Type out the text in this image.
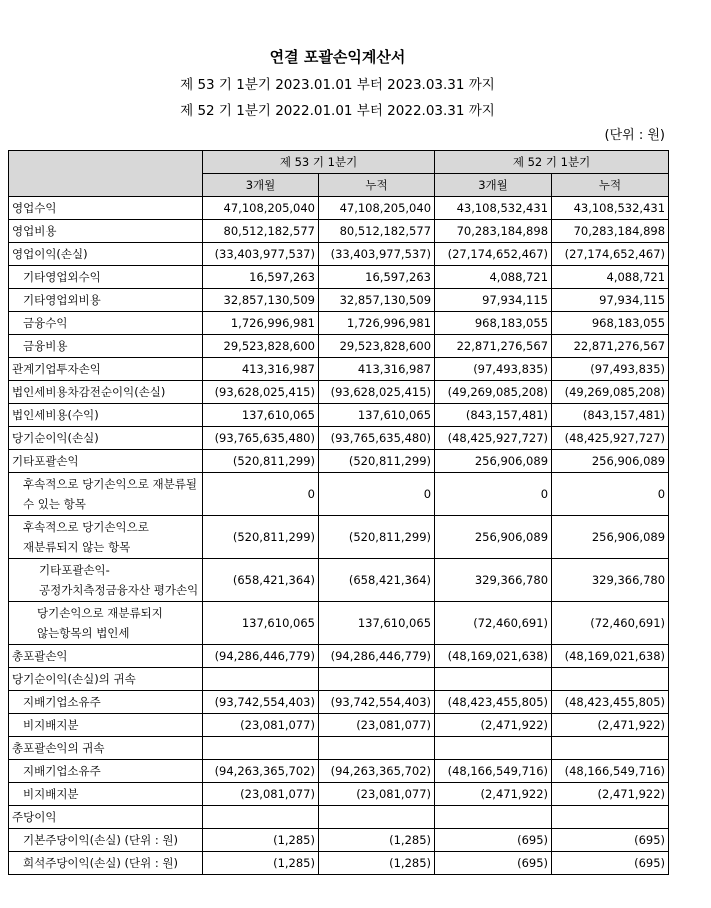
연결 포괄손익계산서
제 53 기 1분기 2023.01.01 부터 2023.03.31 까지
제 52 기 1분기 2022.01.01 부터 2022.03.31 까지
(단위 : 원)
	제 53 기 1분기		제 52 기 1분기	
	3개월	누적	3개월	누적
영업수익	47,108,205,040	47,108,205,040	43,108,532,431	43,108,532,431
영업비용	80,512,182,577	80,512,182,577	70,283,184,898	70,283,184,898
영업이익(손실)	(33,403,977,537)	(33,403,977,537)	(27,174,652,467)	(27,174,652,467)
기타영업외수익	16,597,263	16,597,263	4,088,721	4,088,721
기타영업외비용	32,857,130,509	32,857,130,509	97,934,115	97,934,115
금융수익	1,726,996,981	1,726,996,981	968,183,055	968,183,055
금융비용	29,523,828,600	29,523,828,600	22,871,276,567	22,871,276,567
관계기업투자손익	413,316,987	413,316,987	(97,493,835)	(97,493,835)
법인세비용차감전순이익(손실)	(93,628,025,415)	(93,628,025,415)	(49,269,085,208)	(49,269,085,208)
법인세비용(수익)	137,610,065	137,610,065	(843,157,481)	(843,157,481)
당기순이익(손실)	(93,765,635,480)	(93,765,635,480)	(48,425,927,727)	(48,425,927,727)
기타포괄손익	(520,811,299)	(520,811,299)	256,906,089	256,906,089
후속적으로 당기손익으로 재분류될 수 있는 항목	0	0	0	0
후속적으로 당기손익으로 재분류되지 않는 항목	(520,811,299)	(520,811,299)	256,906,089	256,906,089
기타포괄손익-공정가치측정금융자산 평가손익	(658,421,364)	(658,421,364)	329,366,780	329,366,780
당기손익으로 재분류되지 않는항목의 법인세	137,610,065	137,610,065	(72,460,691)	(72,460,691)
총포괄손익	(94,286,446,779)	(94,286,446,779)	(48,169,021,638)	(48,169,021,638)
당기순이익(손실)의 귀속				
지배기업소유주	(93,742,554,403)	(93,742,554,403)	(48,423,455,805)	(48,423,455,805)
비지배지분	(23,081,077)	(23,081,077)	(2,471,922)	(2,471,922)
총포괄손익의 귀속				
지배기업소유주	(94,263,365,702)	(94,263,365,702)	(48,166,549,716)	(48,166,549,716)
비지배지분	(23,081,077)	(23,081,077)	(2,471,922)	(2,471,922)
주당이익				
기본주당이익(손실) (단위 : 원)	(1,285)	(1,285)	(695)	(695)
희석주당이익(손실) (단위 : 원)	(1,285)	(1,285)	(695)	(695)
